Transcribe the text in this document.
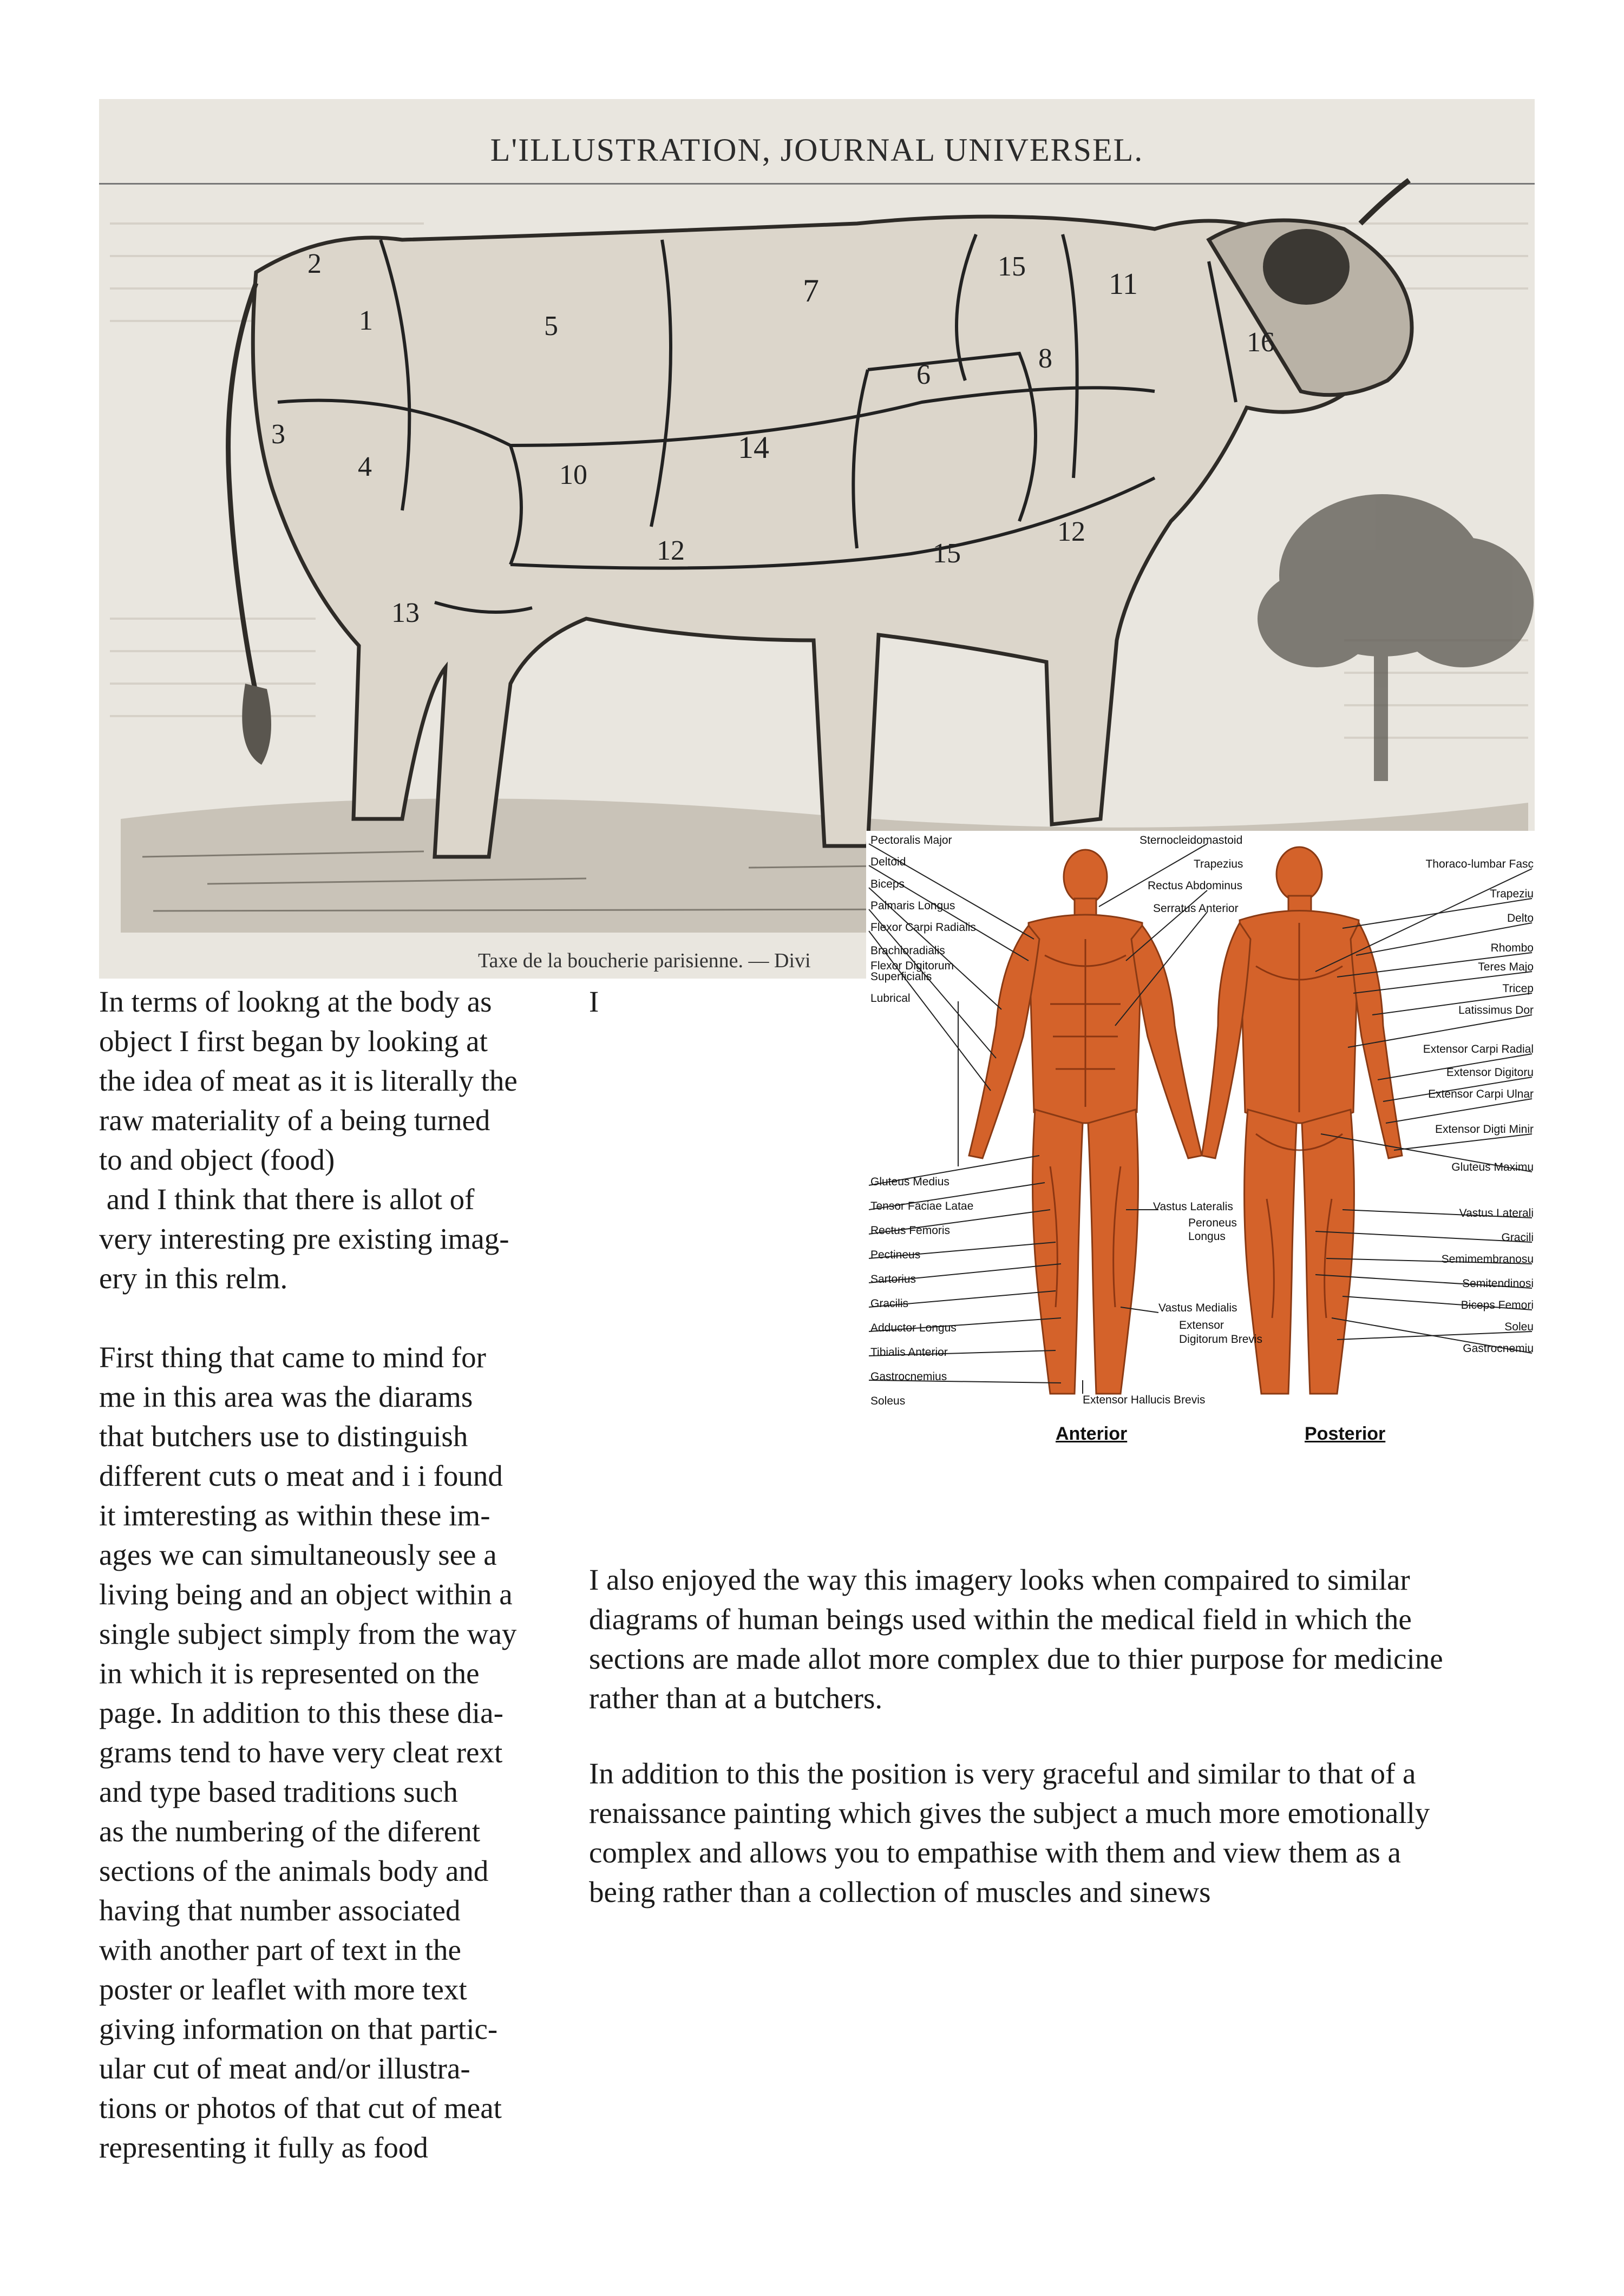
L'ILLUSTRATION, JOURNAL UNIVERSEL.
2
1
3
4
5
6
7
8
10
11
12
12
13
14
15
15
16
Taxe de la boucherie parisienne. — Divi
Pectoralis Major
Deltoid
Biceps
Palmaris Longus
Flexor Carpi Radialis
Brachioradialis
Flexor Digitorum
Superficialis
Lubrical
Gluteus Medius
Tensor Faciae Latae
Rectus Femoris
Pectineus
Sartorius
Gracilis
Adductor Longus
Tibialis Anterior
Gastrocnemius
Soleus
Sternocleidomastoid
Trapezius
Rectus Abdominus
Serratus Anterior
Vastus Lateralis
Peroneus
Longus
Vastus Medialis
Extensor
Digitorum Brevis
Extensor Hallucis Brevis
Thoraco-lumbar Fasc
Trapeziu
Delto
Rhombo
Teres Majo
Tricep
Latissimus Dor
Extensor Carpi Radial
Extensor Digitoru
Extensor Carpi Ulnar
Extensor Digti Minir
Gluteus Maximu
Vastus Laterali
Gracili
Semimembranosu
Semitendinosi
Biceps Femori
Soleu
Gastrocnemiu
Anterior	Posterior
In terms of lookng at the body as
object I first began by looking at
the idea of meat as it is literally the
raw materiality of a being turned
to and object (food)
and I think that there is allot of
very interesting pre existing imag-
ery in this relm.

First thing that came to mind for
me in this area was the diarams
that butchers use to distinguish
different cuts o meat and i i found
it imteresting as within these im-
ages we can simultaneously see a
living being and an object within a
single subject simply from the way
in which it is represented on the
page. In addition to this these dia-
grams tend to have very cleat rext
and type based traditions such
as the numbering of the diferent
sections of the animals body and
having that number associated
with another part of text in the
poster or leaflet with more text
giving information on that partic-
ular cut of meat and/or illustra-
tions or photos of that cut of meat
representing it fully as food
I
I also enjoyed the way this imagery looks when compaired to similar
diagrams of human beings used within the medical field in which the
sections are made allot more complex due to thier purpose for medicine
rather than at a butchers.
In addition to this the position is very graceful and similar to that of a
renaissance painting which gives the subject a much more emotionally
complex and allows you to empathise with them and view them as a
being rather than a collection of muscles and sinews
